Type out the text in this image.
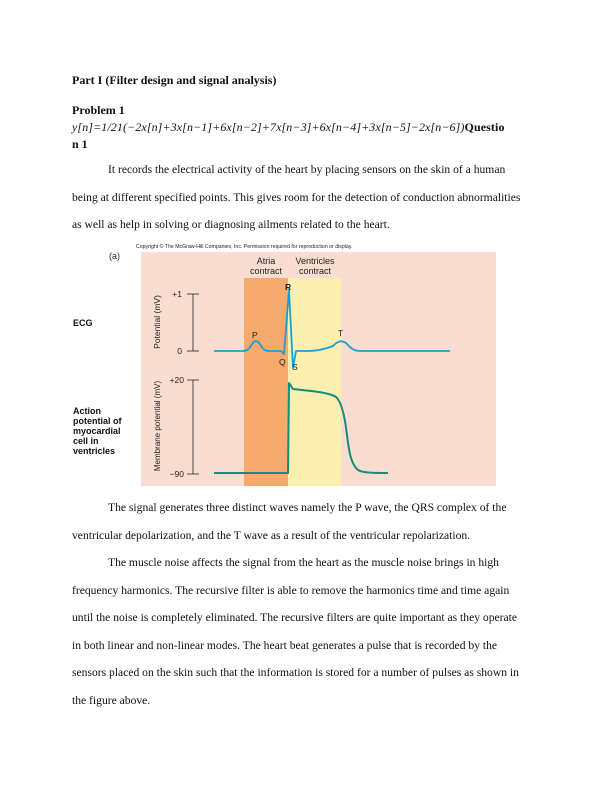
Part I (Filter design and signal analysis)
Problem 1
y[n]=1/21(−2x[n]+3x[n−1]+6x[n−2]+7x[n−3]+6x[n−4]+3x[n−5]−2x[n−6])Questio
n 1
It records the electrical activity of the heart by placing sensors on the skin of a human
being at different specified points. This gives room for the detection of conduction abnormalities
as well as help in solving or diagnosing ailments related to the heart.
Copyright © The McGraw-Hill Companies, Inc. Permission required for reproduction or display.
(a)	Atria
contract
Ventricles
contract
ECG	Potential (mV)
+1
0
P
Q
R
S
T
Action potential of myocardial cell in ventricles	Membrane potential (mV)
+20
−90
The signal generates three distinct waves namely the P wave, the QRS complex of the
ventricular depolarization, and the T wave as a result of the ventricular repolarization.
The muscle noise affects the signal from the heart as the muscle noise brings in high
frequency harmonics. The recursive filter is able to remove the harmonics time and time again
until the noise is completely eliminated. The recursive filters are quite important as they operate
in both linear and non-linear modes. The heart beat generates a pulse that is recorded by the
sensors placed on the skin such that the information is stored for a number of pulses as shown in
the figure above.
